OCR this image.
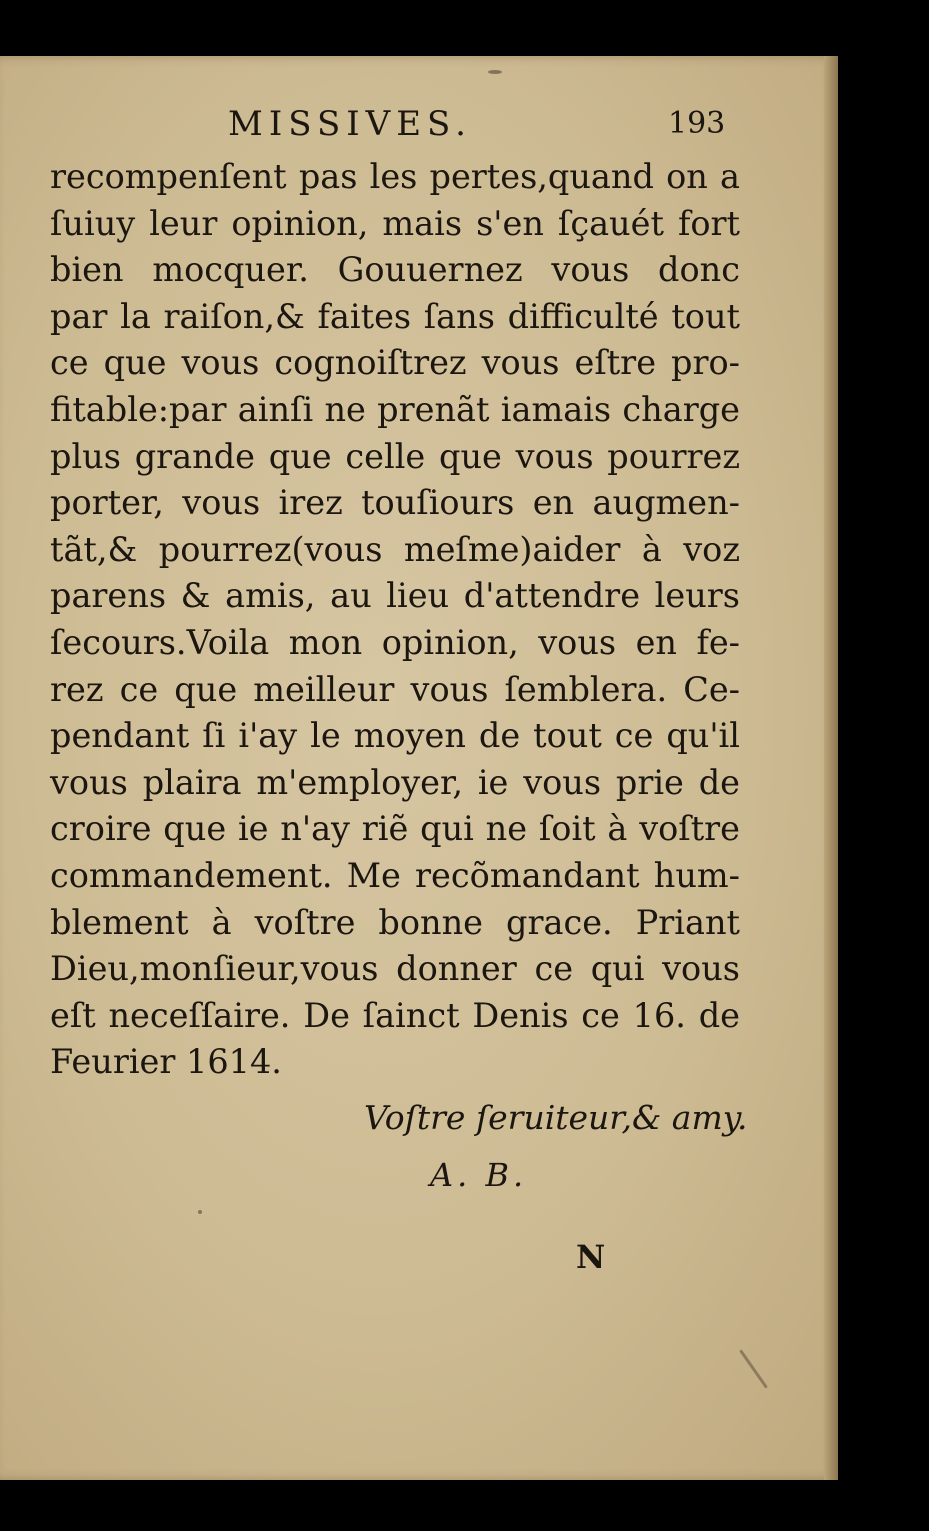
MISSIVES.	193
recompenſent pas les pertes,quand on a
ſuiuy leur opinion, mais s'en ſçauét fort
bien mocquer. Gouuernez vous donc
par la raiſon,& faites ſans difficulté tout
ce que vous cognoiſtrez vous eſtre pro-
fitable:par ainſi ne prenãt iamais charge
plus grande que celle que vous pourrez
porter, vous irez touſiours en augmen-
tãt,& pourrez(vous meſme)aider à voz
parens & amis, au lieu d'attendre leurs
ſecours.Voila mon opinion, vous en fe-
rez ce que meilleur vous ſemblera. Ce-
pendant ſi i'ay le moyen de tout ce qu'il
vous plaira m'employer, ie vous prie de
croire que ie n'ay riẽ qui ne ſoit à voſtre
commandement. Me recõmandant hum-
blement à voſtre bonne grace. Priant
Dieu,monſieur,vous donner ce qui vous
eſt neceſſaire. De ſainct Denis ce 16. de
Feurier 1614.
Voſtre ſeruiteur,& amy.
A. B.
N
